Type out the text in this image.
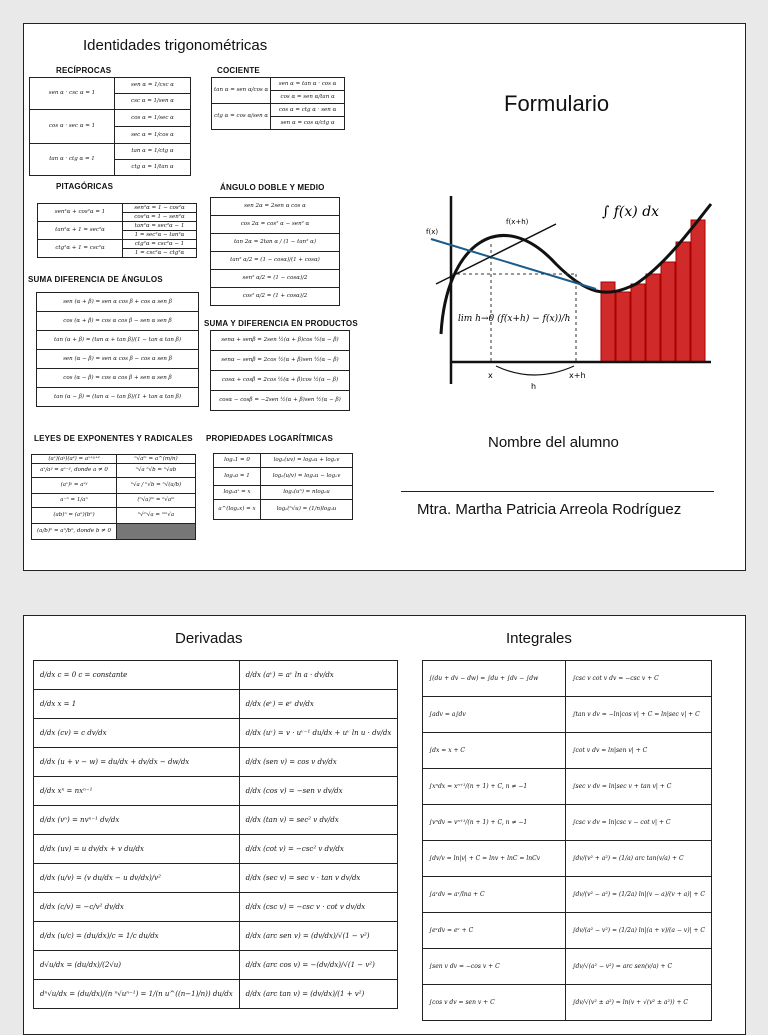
Identidades trigonométricas
RECÍPROCAS	COCIENTE
PITAGÓRICAS	ÁNGULO DOBLE Y MEDIO
SUMA DIFERENCIA DE ÁNGULOS
SUMA Y DIFERENCIA EN PRODUCTOS
LEYES DE EXPONENTES Y RADICALES PROPIEDADES LOGARÍTMICAS
sen α · csc α = 1	sen α = 1/csc α
	csc α = 1/sen α
cos α · sec α = 1	cos α = 1/sec α
	sec α = 1/cos α
tan α · ctg α = 1	tan α = 1/ctg α
	ctg α = 1/tan α
tan α = sen α/cos α	sen α = tan α · cos α
	cos α = sen α/tan α
ctg α = cos α/sen α	cos α = ctg α · sen α
	sen α = cos α/ctg α
sen²α + cos²α = 1	sen²α = 1 − cos²α
	cos²α = 1 − sen²α
tan²α + 1 = sec²α	tan²α = sec²α − 1
	1 = sec²α − tan²α
ctg²α + 1 = csc²α	ctg²α = csc²α − 1
	1 = csc²α − ctg²α
sen 2α = 2sen α cos α
cos 2α = cos² α − sen² α
tan 2α = 2tan α / (1 − tan² α)
tan² α/2 = (1 − cosα)/(1 + cosα)
sen² α/2 = (1 − cosα)/2
cos² α/2 = (1 + cosα)/2
sen (α + β) = sen α cos β + cos α sen β
cos (α + β) = cos α cos β − sen α sen β
tan (α + β) = (tan α + tan β)/(1 − tan α tan β)
sen (α − β) = sen α cos β − cos α sen β
cos (α − β) = cos α cos β + sen α sen β
tan (α − β) = (tan α − tan β)/(1 + tan α tan β)
senα + senβ = 2sen ½(α + β)cos ½(α − β)
senα − senβ = 2cos ½(α + β)sen ½(α − β)
cosα + cosβ = 2cos ½(α + β)cos ½(α − β)
cosα − cosβ = −2sen ½(α + β)sen ½(α − β)
(aˣ)(aʸ)(aᶻ) = aˣ⁺ʸ⁺ᶻ	ⁿ√aᵐ = a^(m/n)
aˣ/aʸ = aˣ⁻ʸ, donde a ≠ 0	ⁿ√a ⁿ√b = ⁿ√ab
(aˣ)ʸ = aˣʸ	ⁿ√a / ⁿ√b = ⁿ√(a/b)
a⁻ⁿ = 1/aⁿ	(ⁿ√a)ᵐ = ⁿ√aᵐ
(ab)ⁿ = (aⁿ)(bⁿ)	ⁿ√ᵐ√a = ⁿᵐ√a
(a/b)ⁿ = aⁿ/bⁿ, donde b ≠ 0	
logₐ1 = 0	logₐ(uv) = logₐu + logₐv
logₐa = 1	logₐ(u/v) = logₐu − logₐv
logₐaˣ = x	logₐ(uⁿ) = nlogₐu
a^(logₐx) = x	logₐ(ⁿ√u) = (1/n)logₐu
Formulario
∫ f(x) dx
lim h→0 (f(x+h) − f(x))/h
f(x)
f(x+h)
x	x+h
h
Nombre del alumno
Mtra. Martha Patricia Arreola Rodríguez
Derivadas	Integrales
d/dx c = 0 c = constante	d/dx (aᵛ) = aᵛ ln a · dv/dx
d/dx x = 1	d/dx (eᵛ) = eᵛ dv/dx
d/dx (cv) = c dv/dx	d/dx (uᵛ) = v · uᵛ⁻¹ du/dx + uᵛ ln u · dv/dx
d/dx (u + v − w) = du/dx + dv/dx − dw/dx	d/dx (sen v) = cos v dv/dx
d/dx xⁿ = nxⁿ⁻¹	d/dx (cos v) = −sen v dv/dx
d/dx (vⁿ) = nvⁿ⁻¹ dv/dx	d/dx (tan v) = sec² v dv/dx
d/dx (uv) = u dv/dx + v du/dx	d/dx (cot v) = −csc² v dv/dx
d/dx (u/v) = (v du/dx − u dv/dx)/v²	d/dx (sec v) = sec v · tan v dv/dx
d/dx (c/v) = −c/v² dv/dx	d/dx (csc v) = −csc v · cot v dv/dx
d/dx (u/c) = (du/dx)/c = 1/c du/dx	d/dx (arc sen v) = (dv/dx)/√(1 − v²)
d√u/dx = (du/dx)/(2√u)	d/dx (arc cos v) = −(dv/dx)/√(1 − v²)
dⁿ√u/dx = (du/dx)/(n ⁿ√uⁿ⁻¹) = 1/(n u^((n−1)/n)) du/dx	d/dx (arc tan v) = (dv/dx)/(1 + v²)
∫(du + dv − dw) = ∫du + ∫dv − ∫dw	∫csc v cot v dv = −csc v + C
∫adv = a∫dv	∫tan v dv = −ln|cos v| + C = ln|sec v| + C
∫dx = x + C	∫cot v dv = ln|sen v| + C
∫xⁿdx = xⁿ⁺¹/(n + 1) + C, n ≠ −1	∫sec v dv = ln|sec v + tan v| + C
∫vⁿdv = vⁿ⁺¹/(n + 1) + C, n ≠ −1	∫csc v dv = ln|csc v − cot v| + C
∫dv/v = ln|v| + C = lnv + lnC = lnCv	∫dv/(v² + a²) = (1/a) arc tan(v/a) + C
∫aᵛdv = aᵛ/lna + C	∫dv/(v² − a²) = (1/2a) ln|(v − a)/(v + a)| + C
∫eᵛdv = eᵛ + C	∫dv/(a² − v²) = (1/2a) ln|(a + v)/(a − v)| + C
∫sen v dv = −cos v + C	∫dv/√(a² − v²) = arc sen(v/a) + C
∫cos v dv = sen v + C	∫dv/√(v² ± a²) = ln(v + √(v² ± a²)) + C
